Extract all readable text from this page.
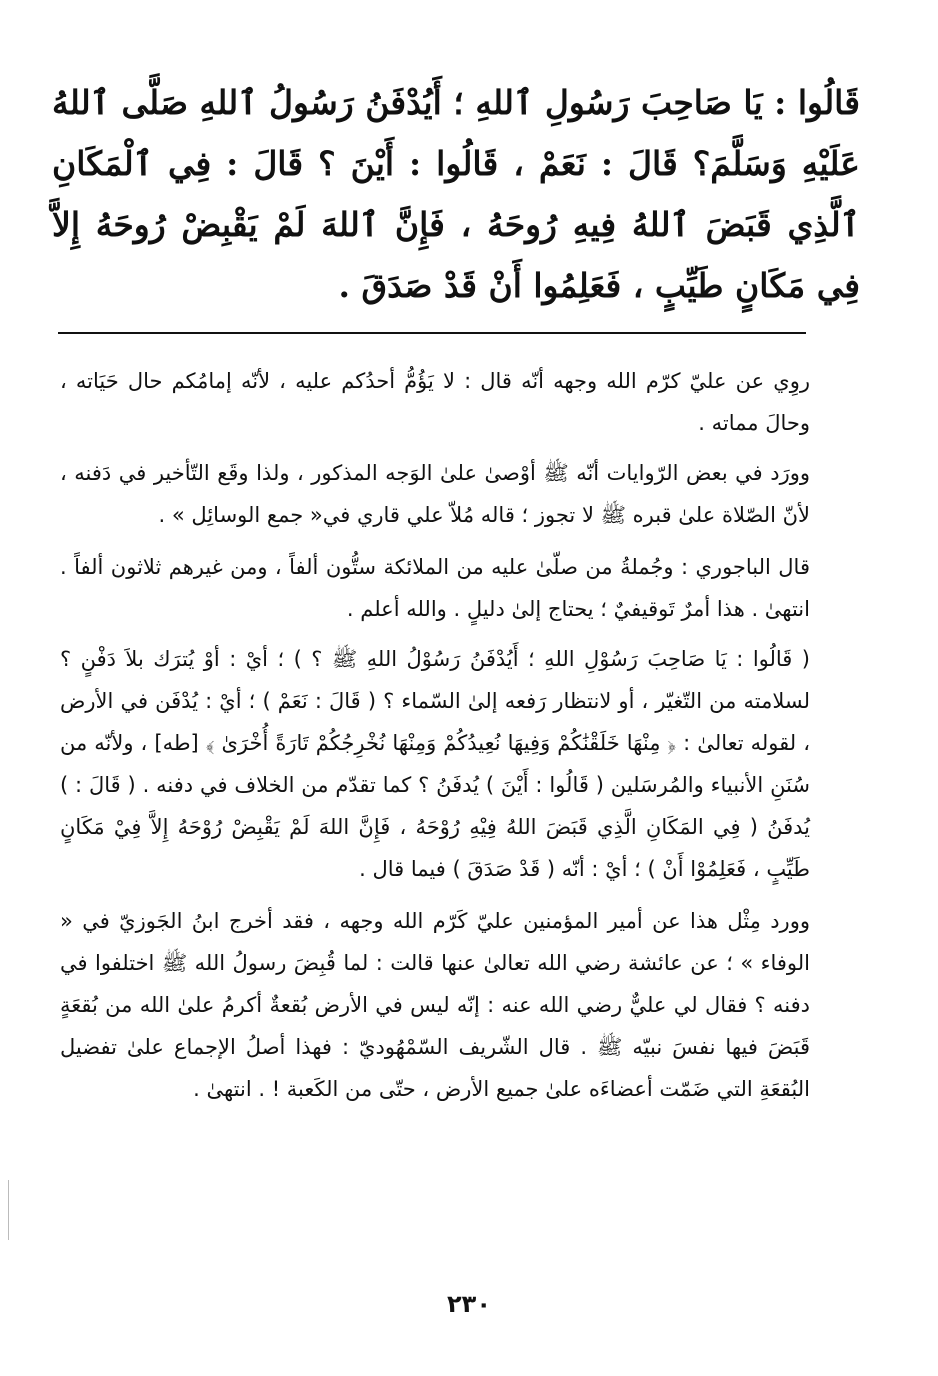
قَالُوا : يَا صَاحِبَ رَسُولِ ٱللهِ ؛ أَيُدْفَنُ رَسُولُ ٱللهِ صَلَّى ٱللهُ عَلَيْهِ وَسَلَّمَ؟ قَالَ : نَعَمْ ، قَالُوا : أَيْنَ ؟ قَالَ : فِي ٱلْمَكَانِ ٱلَّذِي قَبَضَ ٱللهُ فِيهِ رُوحَهُ ، فَإِنَّ ٱللهَ لَمْ يَقْبِضْ رُوحَهُ إِلاَّ فِي مَكَانٍ طَيِّبٍ ، فَعَلِمُوا أَنْ قَدْ صَدَقَ .

روِي عن عليّ كرّم الله وجهه أنّه قال : لا يَؤُمُّ أحدُكم عليه ، لأنّه إمامُكم حال حَيَاته ، وحالَ مماته .

وورَد في بعض الرّوايات أنّه ﷺ أوْصىٰ علىٰ الوَجه المذكور ، ولذا وقَع التّأخير في دَفنه ، لأنّ الصّلاة علىٰ قبره ﷺ لا تجوز ؛ قاله مُلاّ علي قاري في« جمع الوسائِل » .

قال الباجوري : وجُملةُ من صلّىٰ عليه من الملائكة ستُّون ألفاً ، ومن غيرهم ثلاثون ألفاً . انتهىٰ . هذا أمرٌ تَوقيفيٌ ؛ يحتاج إلىٰ دليلٍ . والله أعلم .

( قَالُوا : يَا صَاحِبَ رَسُوْلِ اللهِ ؛ أَيُدْفَنُ رَسُوْلُ اللهِ ﷺ ؟ ) ؛ أيْ : أوْ يُترَك بلاَ دَفْنٍ ؟ لسلامته من التّغيّر ، أو لانتظار رَفعه إلىٰ السّماء ؟ ( قَالَ : نَعَمْ ) ؛ أيْ : يُدْفَن في الأرض ، لقوله تعالىٰ : ﴿ مِنْهَا خَلَقْنَٰكُمْ وَفِيهَا نُعِيدُكُمْ وَمِنْهَا نُخْرِجُكُمْ تَارَةً أُخْرَىٰ ﴾ [طه] ، ولأنّه من سُنَنِ الأنبياء والمُرسَلين ( قَالُوا : أَيْنَ ) يُدفَنُ ؟ كما تقدّم من الخلاف في دفنه . ( قَالَ : ) يُدفَنُ ( فِي المَكَانِ الَّذِي قَبَضَ اللهُ فِيْهِ رُوْحَهُ ، فَإِنَّ اللهَ لَمْ يَقْبِضْ رُوْحَهُ إِلاَّ فِيْ مَكَانٍ طَيِّبٍ ، فَعَلِمُوْا أَنْ ) ؛ أيْ : أنّه ( قَدْ صَدَقَ ) فيما قال .

وورد مِثْل هذا عن أمير المؤمنين عليّ كَرّم الله وجهه ، فقد أخرج ابنُ الجَوزيّ في « الوفاء » ؛ عن عائشة رضي الله تعالىٰ عنها قالت : لما قُبِضَ رسولُ الله ﷺ اختلفوا في دفنه ؟ فقال لي عليٌّ رضي الله عنه : إنّه ليس في الأرض بُقعةٌ أكرمُ علىٰ الله من بُقعَةٍ قَبَضَ فيها نفسَ نبيّه ﷺ . قال الشّريف السّمْهُوديّ : فهذا أصلُ الإجماع علىٰ تفضيل البُقعَةِ التي ضَمّت أعضاءَه علىٰ جميع الأرض ، حتّى من الكَعبة ! . انتهىٰ .

٢٣٠
